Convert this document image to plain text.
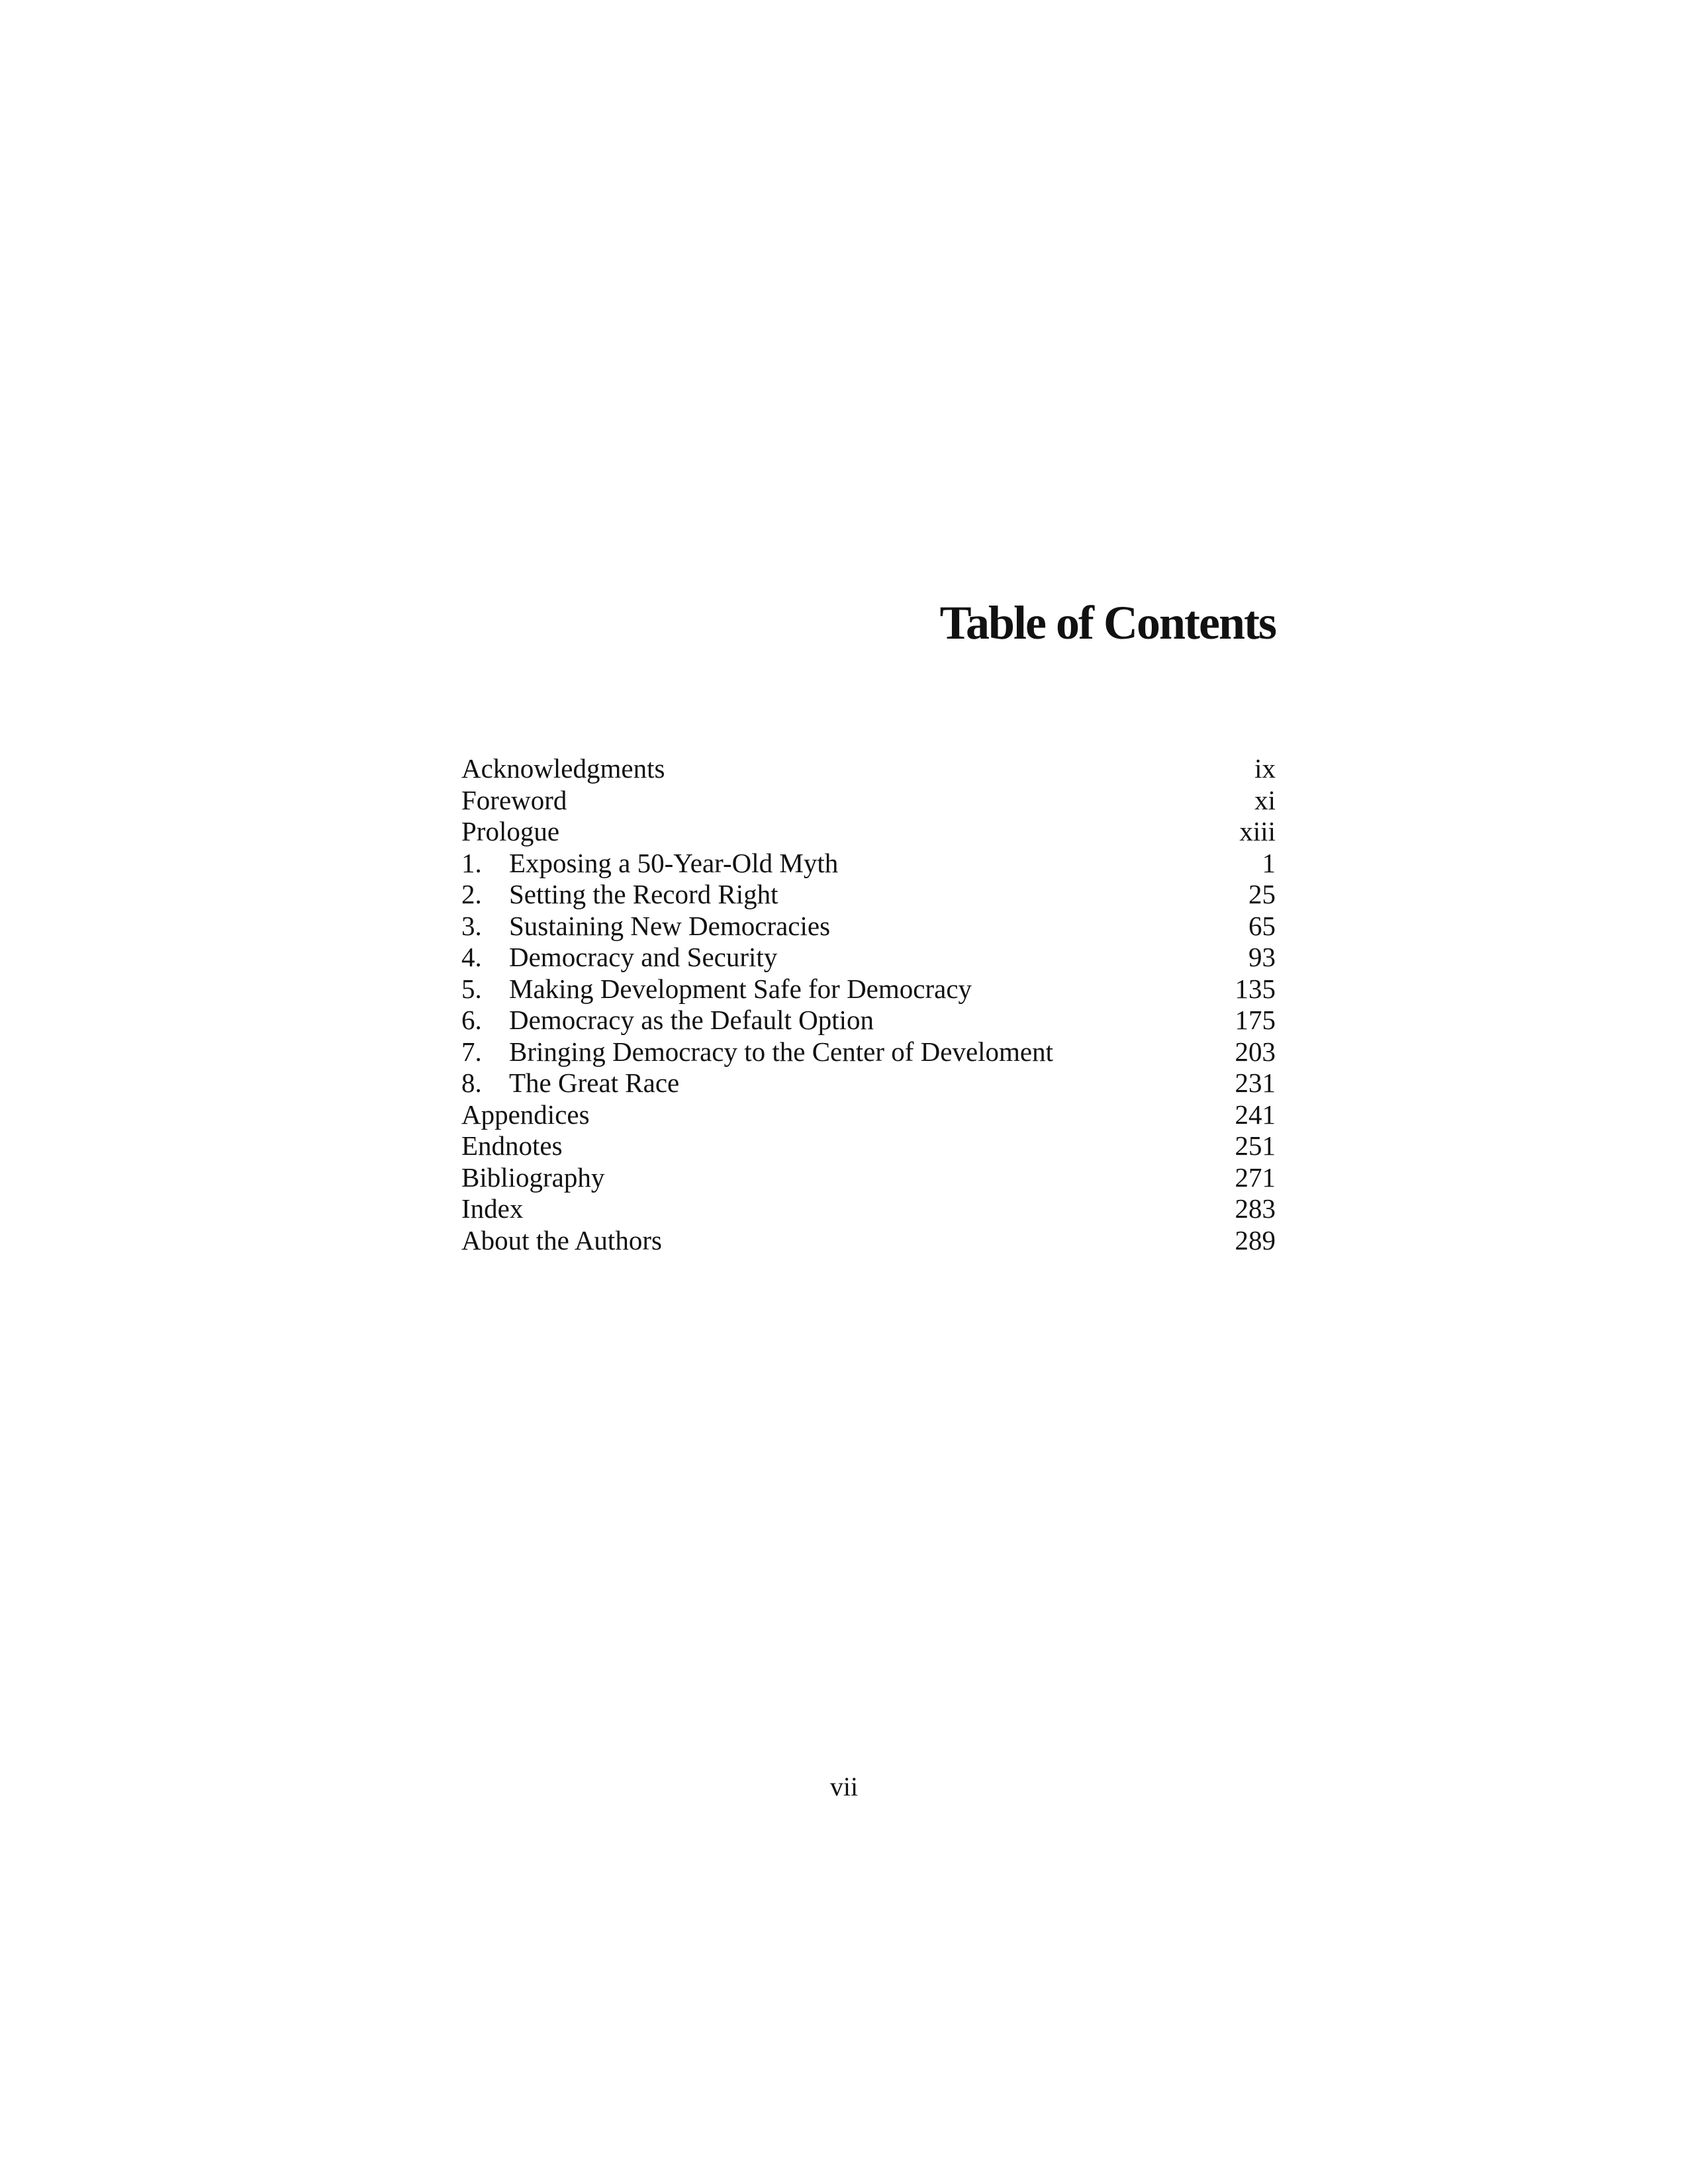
Table of Contents
Acknowledgments	ix
Foreword	xi
Prologue	xiii
1.	Exposing a 50-Year-Old Myth	1
2.	Setting the Record Right	25
3.	Sustaining New Democracies	65
4.	Democracy and Security	93
5.	Making Development Safe for Democracy	135
6.	Democracy as the Default Option	175
7.	Bringing Democracy to the Center of Develoment	203
8.	The Great Race	231
Appendices	241
Endnotes	251
Bibliography	271
Index	283
About the Authors	289
vii
